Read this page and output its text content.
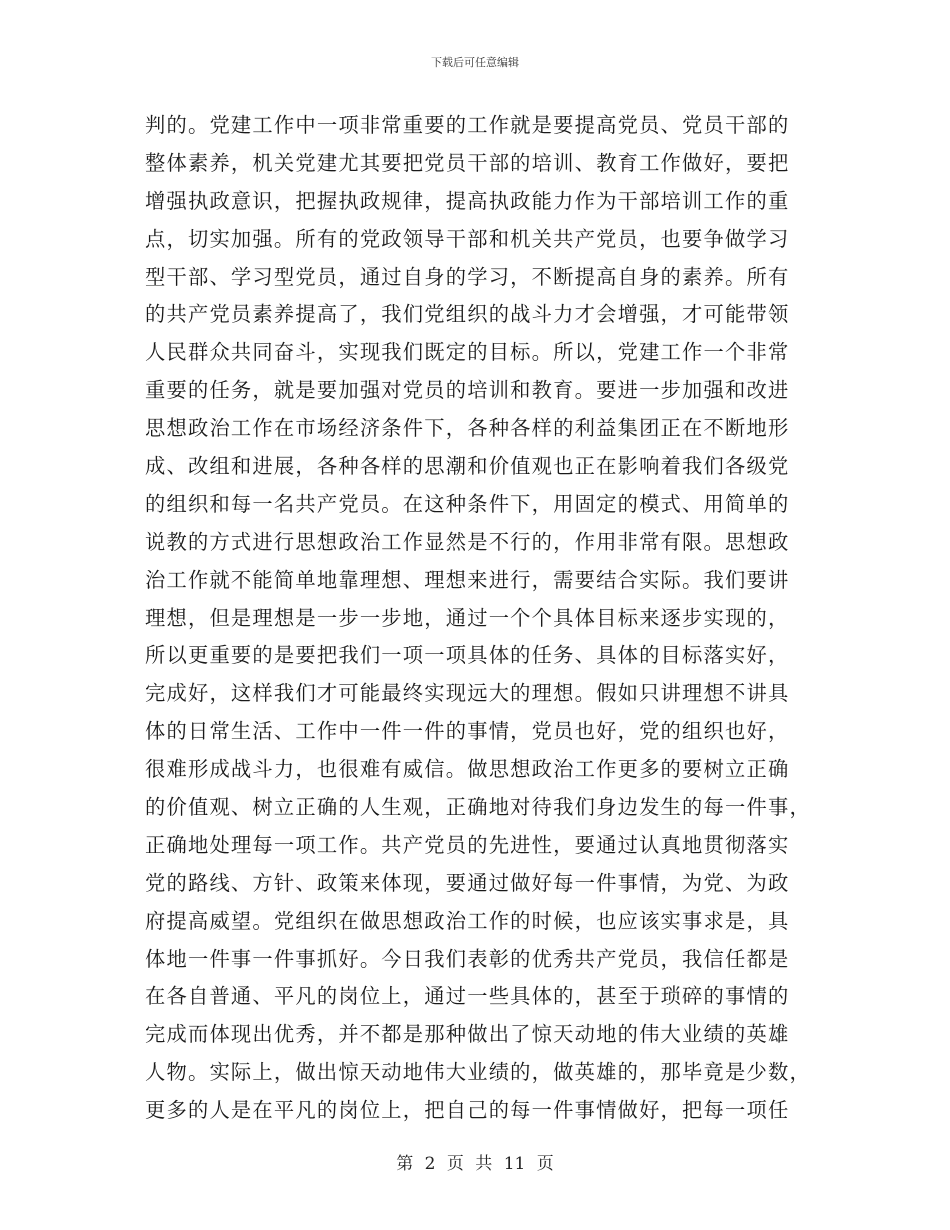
下载后可任意编辑
判的。党建工作中一项非常重要的工作就是要提高党员、党员干部的
整体素养，机关党建尤其要把党员干部的培训、教育工作做好，要把
增强执政意识，把握执政规律，提高执政能力作为干部培训工作的重
点，切实加强。所有的党政领导干部和机关共产党员，也要争做学习
型干部、学习型党员，通过自身的学习，不断提高自身的素养。所有
的共产党员素养提高了，我们党组织的战斗力才会增强，才可能带领
人民群众共同奋斗，实现我们既定的目标。所以，党建工作一个非常
重要的任务，就是要加强对党员的培训和教育。要进一步加强和改进
思想政治工作在市场经济条件下，各种各样的利益集团正在不断地形
成、改组和进展，各种各样的思潮和价值观也正在影响着我们各级党
的组织和每一名共产党员。在这种条件下，用固定的模式、用简单的
说教的方式进行思想政治工作显然是不行的，作用非常有限。思想政
治工作就不能简单地靠理想、理想来进行，需要结合实际。我们要讲
理想，但是理想是一步一步地，通过一个个具体目标来逐步实现的，
所以更重要的是要把我们一项一项具体的任务、具体的目标落实好，
完成好，这样我们才可能最终实现远大的理想。假如只讲理想不讲具
体的日常生活、工作中一件一件的事情，党员也好，党的组织也好，
很难形成战斗力，也很难有威信。做思想政治工作更多的要树立正确
的价值观、树立正确的人生观，正确地对待我们身边发生的每一件事，
正确地处理每一项工作。共产党员的先进性，要通过认真地贯彻落实
党的路线、方针、政策来体现，要通过做好每一件事情，为党、为政
府提高威望。党组织在做思想政治工作的时候，也应该实事求是，具
体地一件事一件事抓好。今日我们表彰的优秀共产党员，我信任都是
在各自普通、平凡的岗位上，通过一些具体的，甚至于琐碎的事情的
完成而体现出优秀，并不都是那种做出了惊天动地的伟大业绩的英雄
人物。实际上，做出惊天动地伟大业绩的，做英雄的，那毕竟是少数，
更多的人是在平凡的岗位上，把自己的每一件事情做好，把每一项任
第 2 页 共 11 页
